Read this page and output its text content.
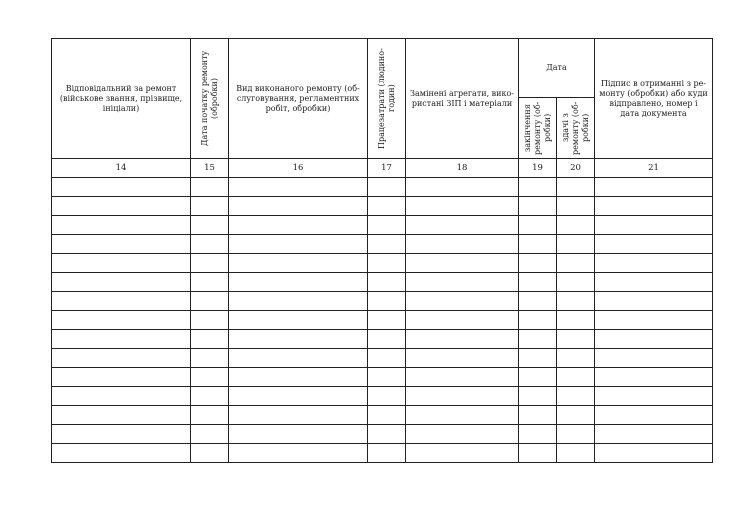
Відповідальний за ремонт (військове звання, прізвище, ініціали)	Дата початку ремонту (обробки)	Вид виконаного ремонту (об-слуговування, регламентних робіт, обробки)	Працезатрати (людино-годин)	Замінені агрегати, вико-ристані ЗІП і матеріали	Дата		Підпис в отриманні з ре-монту (обробки) або куди відправлено, номер і дата документа

					закінчення ремонту (об-робки)	здачі з ремонту (об-робки)	

14	15	16	17	18	19	20	21
